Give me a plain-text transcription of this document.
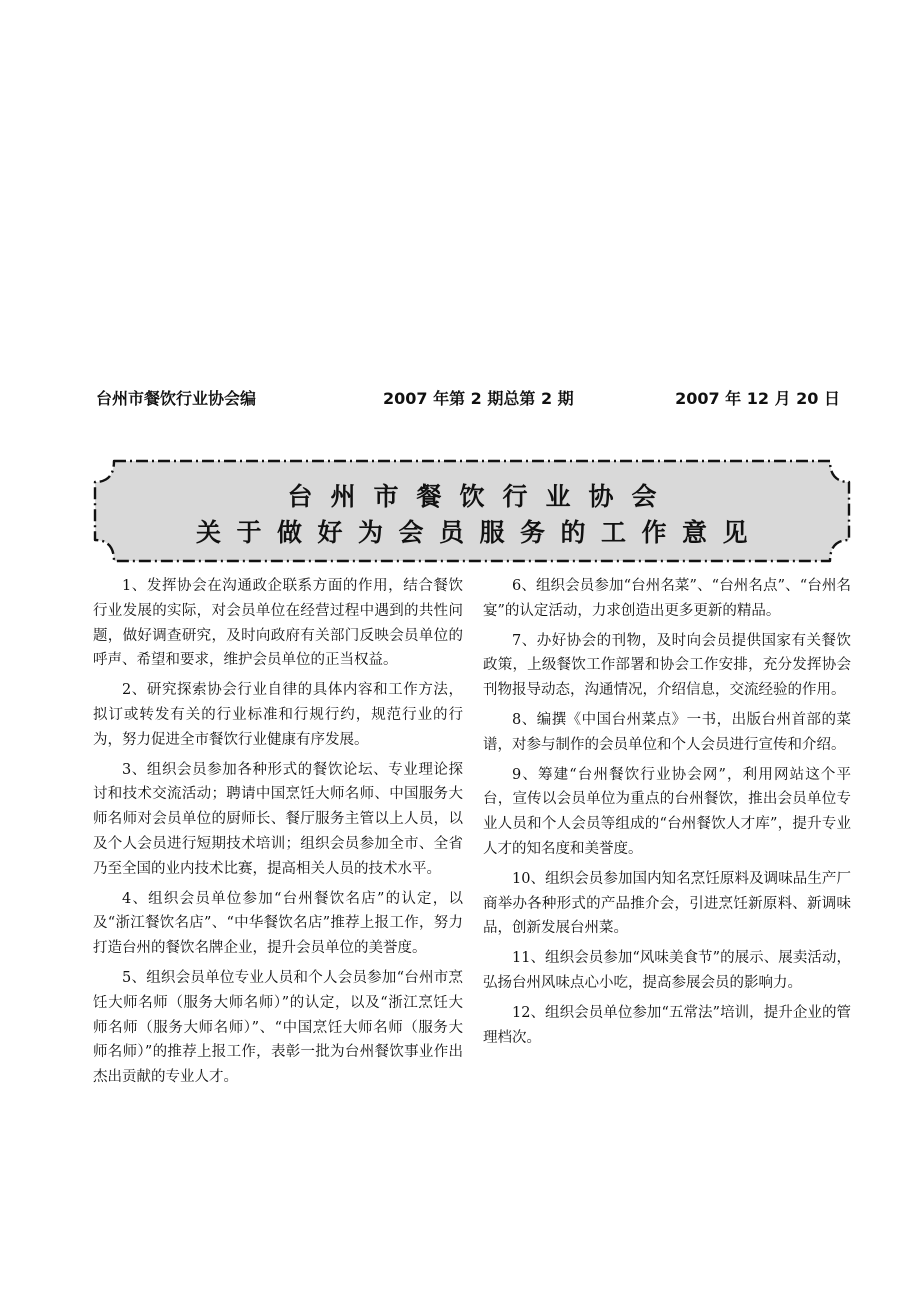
台州市餐饮行业协会编	2007 年第 2 期总第 2 期	2007 年 12 月 20 日
台州市餐饮行业协会
关于做好为会员服务的工作意见

1、发挥协会在沟通政企联系方面的作用，结合餐饮行业发展的实际，对会员单位在经营过程中遇到的共性问题，做好调查研究，及时向政府有关部门反映会员单位的呼声、希望和要求，维护会员单位的正当权益。

2、研究探索协会行业自律的具体内容和工作方法，拟订或转发有关的行业标准和行规行约，规范行业的行为，努力促进全市餐饮行业健康有序发展。

3、组织会员参加各种形式的餐饮论坛、专业理论探讨和技术交流活动；聘请中国烹饪大师名师、中国服务大师名师对会员单位的厨师长、餐厅服务主管以上人员，以及个人会员进行短期技术培训；组织会员参加全市、全省乃至全国的业内技术比赛，提高相关人员的技术水平。

4、组织会员单位参加“台州餐饮名店”的认定，以及“浙江餐饮名店”、“中华餐饮名店”推荐上报工作，努力打造台州的餐饮名牌企业，提升会员单位的美誉度。

5、组织会员单位专业人员和个人会员参加“台州市烹饪大师名师（服务大师名师）”的认定，以及“浙江烹饪大师名师（服务大师名师）”、“中国烹饪大师名师（服务大师名师）”的推荐上报工作，表彰一批为台州餐饮事业作出杰出贡献的专业人才。

6、组织会员参加“台州名菜”、“台州名点”、“台州名宴”的认定活动，力求创造出更多更新的精品。

7、办好协会的刊物，及时向会员提供国家有关餐饮政策，上级餐饮工作部署和协会工作安排，充分发挥协会刊物报导动态，沟通情况，介绍信息，交流经验的作用。

8、编撰《中国台州菜点》一书，出版台州首部的菜谱，对参与制作的会员单位和个人会员进行宣传和介绍。

9、筹建“台州餐饮行业协会网”，利用网站这个平台，宣传以会员单位为重点的台州餐饮，推出会员单位专业人员和个人会员等组成的“台州餐饮人才库”，提升专业人才的知名度和美誉度。

10、组织会员参加国内知名烹饪原料及调味品生产厂商举办各种形式的产品推介会，引进烹饪新原料、新调味品，创新发展台州菜。

11、组织会员参加“风味美食节”的展示、展卖活动，弘扬台州风味点心小吃，提高参展会员的影响力。

12、组织会员单位参加“五常法”培训，提升企业的管理档次。
